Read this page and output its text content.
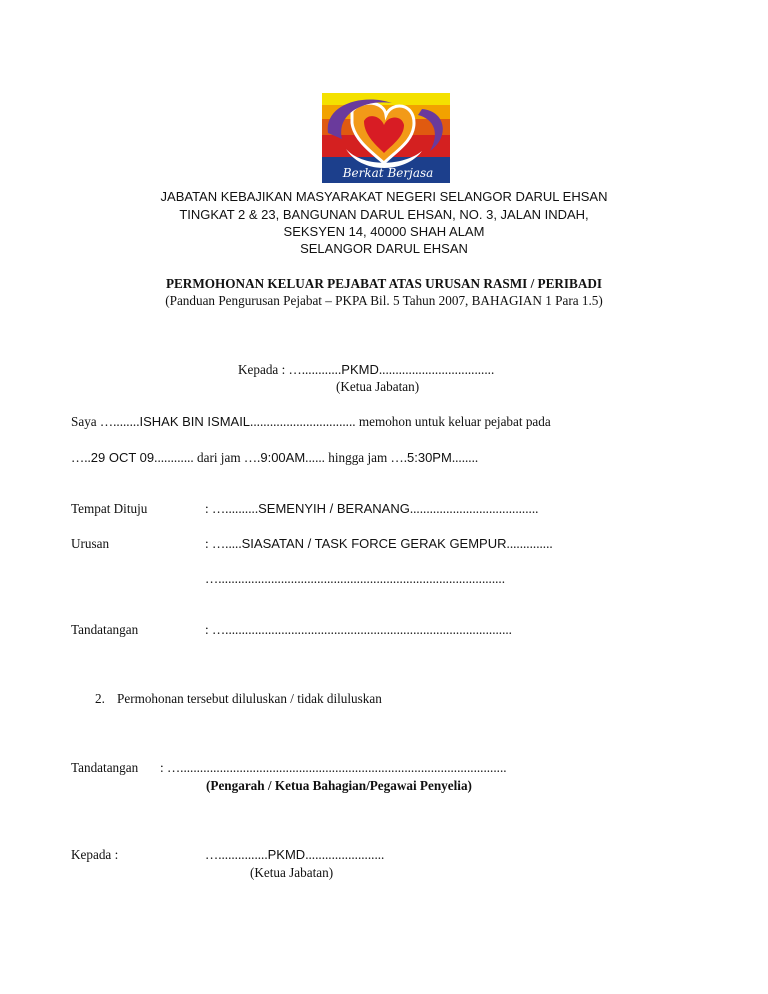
Berkat Berjasa
JABATAN KEBAJIKAN MASYARAKAT NEGERI SELANGOR DARUL EHSAN
TINGKAT 2 & 23, BANGUNAN DARUL EHSAN, NO. 3, JALAN INDAH,
SEKSYEN 14, 40000 SHAH ALAM
SELANGOR DARUL EHSAN
PERMOHONAN KELUAR PEJABAT ATAS URUSAN RASMI / PERIBADI
(Panduan Pengurusan Pejabat – PKPA Bil. 5 Tahun 2007, BAHAGIAN 1 Para 1.5)
Kepada : …............PKMD...................................
(Ketua Jabatan)
Saya …........ISHAK BIN ISMAIL................................ memohon untuk keluar pejabat pada
…..29 OCT 09............ dari jam ….9:00AM...... hingga jam ….5:30PM........
Tempat Dituju	: …..........SEMENYIH / BERANANG.......................................
Urusan	: ….....SIASATAN / TASK FORCE GERAK GEMPUR..............
….......................................................................................
Tandatangan	: ….......................................................................................
2. Permohonan tersebut diluluskan / tidak diluluskan
Tandatangan : …...................................................................................................
(Pengarah / Ketua Bahagian/Pegawai Penyelia)
Kepada :	…...............PKMD........................
(Ketua Jabatan)
